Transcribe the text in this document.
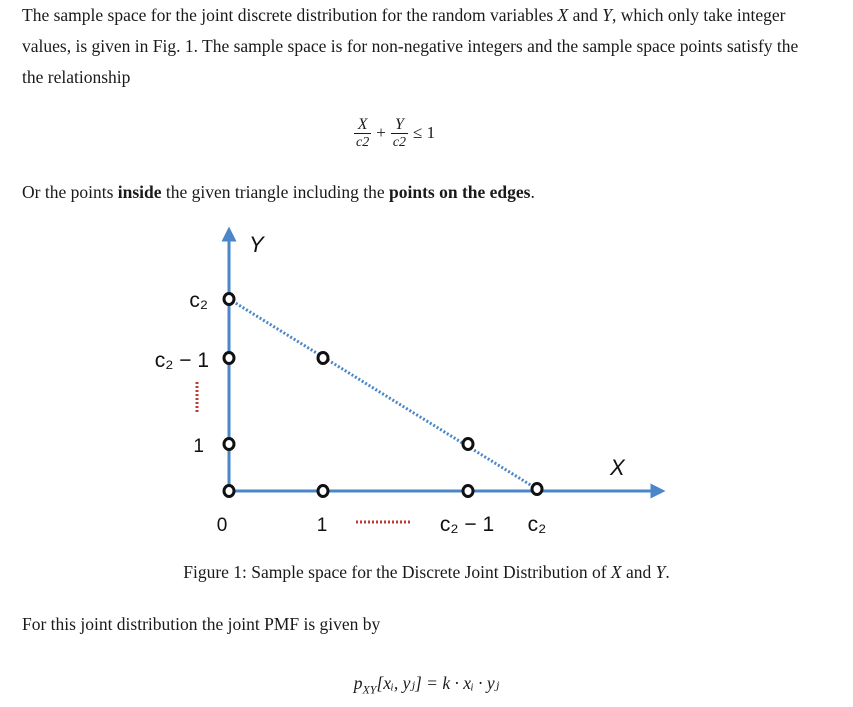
The sample space for the joint discrete distribution for the random variables X and Y, which only take integer values, is given in Fig. 1. The sample space is for non-negative integers and the sample space points satisfy the the relationship

$\frac{X}{c2} + \frac{Y}{c2} \le 1$

Or the points inside the given triangle including the points on the edges.

Y
X
c₂
c₂ − 1
1
0	1	c₂ − 1 c₂
Figure 1: Sample space for the Discrete Joint Distribution of X and Y.

For this joint distribution the joint PMF is given by

$p_{XY}[xᵢ$, yⱼ] = k · xᵢ · yⱼ
